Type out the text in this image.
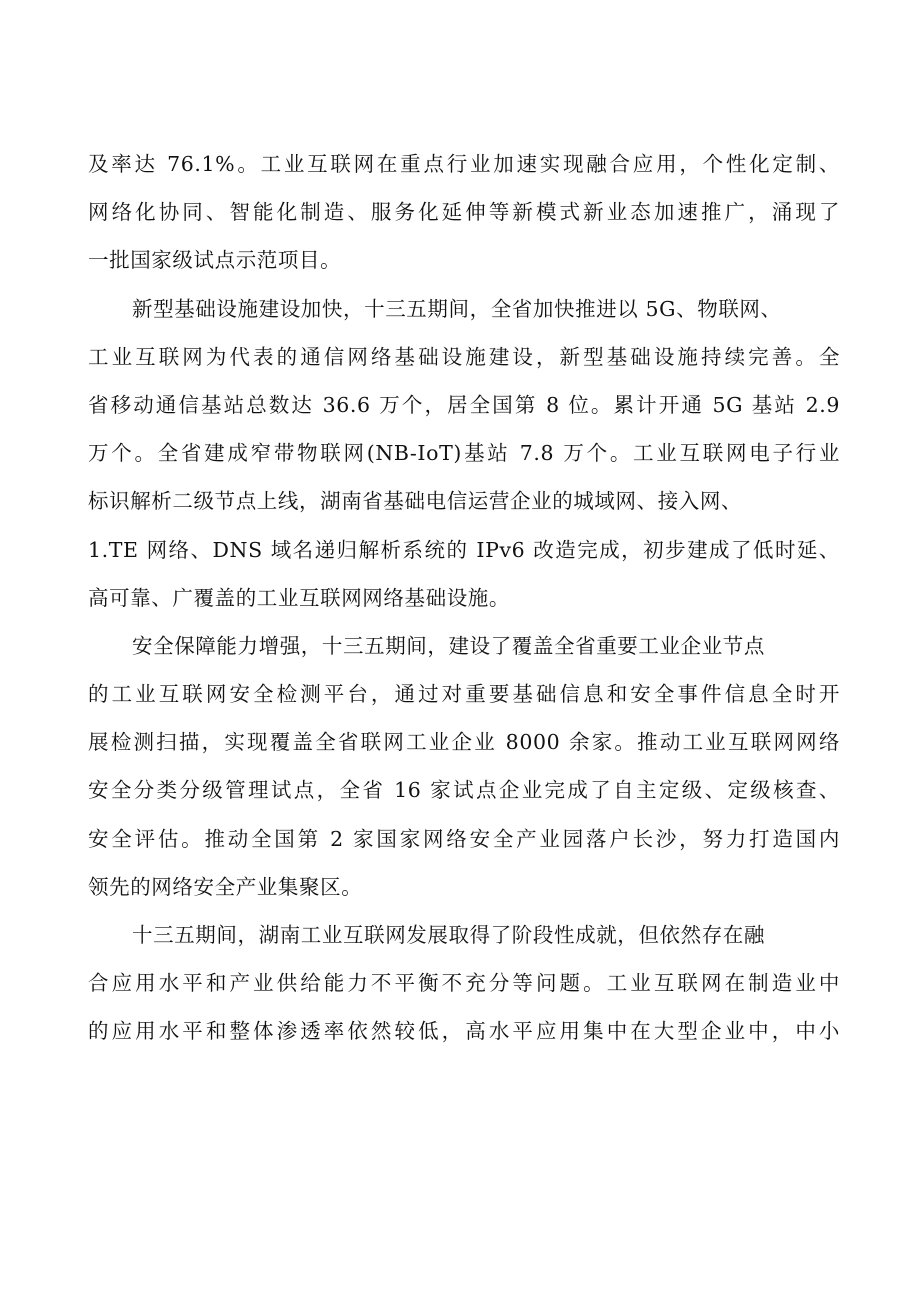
及率达 76.1%。工业互联网在重点行业加速实现融合应用，个性化定制、
网络化协同、智能化制造、服务化延伸等新模式新业态加速推广，涌现了
一批国家级试点示范项目。

新型基础设施建设加快，十三五期间，全省加快推进以 5G、物联网、
工业互联网为代表的通信网络基础设施建设，新型基础设施持续完善。全
省移动通信基站总数达 36.6 万个，居全国第 8 位。累计开通 5G 基站 2.9
万个。全省建成窄带物联网(NB-IoT)基站 7.8 万个。工业互联网电子行业
标识解析二级节点上线，湖南省基础电信运营企业的城域网、接入网、
1.TE 网络、DNS 域名递归解析系统的 IPv6 改造完成，初步建成了低时延、
高可靠、广覆盖的工业互联网网络基础设施。

安全保障能力增强，十三五期间，建设了覆盖全省重要工业企业节点
的工业互联网安全检测平台，通过对重要基础信息和安全事件信息全时开
展检测扫描，实现覆盖全省联网工业企业 8000 余家。推动工业互联网网络
安全分类分级管理试点，全省 16 家试点企业完成了自主定级、定级核查、
安全评估。推动全国第 2 家国家网络安全产业园落户长沙，努力打造国内
领先的网络安全产业集聚区。

十三五期间，湖南工业互联网发展取得了阶段性成就，但依然存在融
合应用水平和产业供给能力不平衡不充分等问题。工业互联网在制造业中
的应用水平和整体渗透率依然较低，高水平应用集中在大型企业中，中小
